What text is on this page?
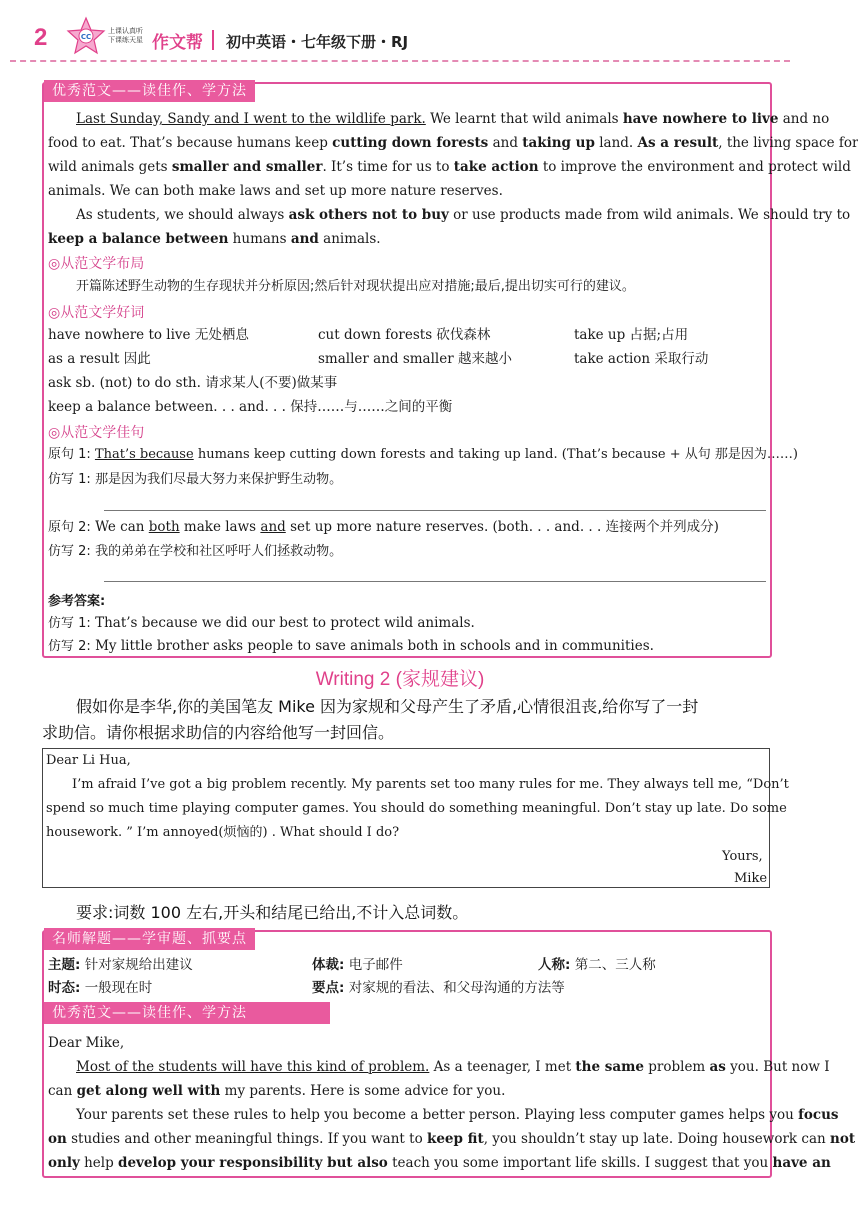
2	CC
上课认真听
下课练天星 作文帮 初中英语・七年级下册・RJ
优秀范文——读佳作、学方法
Last Sunday, Sandy and I went to the wildlife park. We learnt that wild animals have nowhere to live and no
food to eat. That’s because humans keep cutting down forests and taking up land. As a result, the living space for
wild animals gets smaller and smaller. It’s time for us to take action to improve the environment and protect wild
animals. We can both make laws and set up more nature reserves.
As students, we should always ask others not to buy or use products made from wild animals. We should try to
keep a balance between humans and animals.
◎从范文学布局
开篇陈述野生动物的生存现状并分析原因;然后针对现状提出应对措施;最后,提出切实可行的建议。
◎从范文学好词
have nowhere to live 无处栖息	cut down forests 砍伐森林	take up 占据;占用
as a result 因此	smaller and smaller 越来越小	take action 采取行动
ask sb. (not) to do sth. 请求某人(不要)做某事
keep a balance between. . . and. . . 保持……与……之间的平衡
◎从范文学佳句
原句 1: That’s because humans keep cutting down forests and taking up land. (That’s because + 从句 那是因为……)
仿写 1: 那是因为我们尽最大努力来保护野生动物。
原句 2: We can both make laws and set up more nature reserves. (both. . . and. . . 连接两个并列成分)
仿写 2: 我的弟弟在学校和社区呼吁人们拯救动物。
参考答案:
仿写 1: That’s because we did our best to protect wild animals.
仿写 2: My little brother asks people to save animals both in schools and in communities.
Writing 2 (家规建议)
假如你是李华,你的美国笔友 Mike 因为家规和父母产生了矛盾,心情很沮丧,给你写了一封
求助信。请你根据求助信的内容给他写一封回信。
Dear Li Hua,
I’m afraid I’ve got a big problem recently. My parents set too many rules for me. They always tell me, “Don’t
spend so much time playing computer games. You should do something meaningful. Don’t stay up late. Do some
housework. ” I’m annoyed(烦恼的) . What should I do?
Yours,
Mike
要求:词数 100 左右,开头和结尾已给出,不计入总词数。
名师解题——学审题、抓要点
主题: 针对家规给出建议	体裁: 电子邮件	人称: 第二、三人称
时态: 一般现在时	要点: 对家规的看法、和父母沟通的方法等
优秀范文——读佳作、学方法
Dear Mike,
Most of the students will have this kind of problem. As a teenager, I met the same problem as you. But now I
can get along well with my parents. Here is some advice for you.
Your parents set these rules to help you become a better person. Playing less computer games helps you focus
on studies and other meaningful things. If you want to keep fit, you shouldn’t stay up late. Doing housework can not
only help develop your responsibility but also teach you some important life skills. I suggest that you have an
